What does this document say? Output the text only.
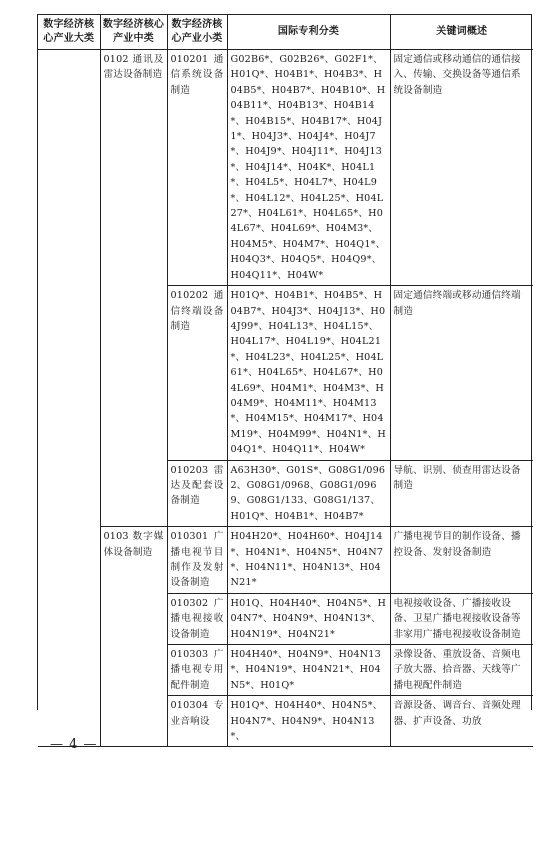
数字经济核心产业大类	数字经济核心产业中类	数字经济核心产业小类	国际专利分类	关键词概述
	0102 通讯及雷达设备制造	010201 通信系统设备制造	G02B6*、G02B26*、G02F1*、H01Q*、H04B1*、H04B3*、H04B5*、H04B7*、H04B10*、H04B11*、H04B13*、H04B14*、H04B15*、H04B17*、H04J1*、H04J3*、H04J4*、H04J7*、H04J9*、H04J11*、H04J13*、H04J14*、H04K*、H04L1*、H04L5*、H04L7*、H04L9*、H04L12*、H04L25*、H04L27*、H04L61*、H04L65*、H04L67*、H04L69*、H04M3*、H04M5*、H04M7*、H04Q1*、H04Q3*、H04Q5*、H04Q9*、H04Q11*、H04W*	固定通信或移动通信的通信接入、传输、交换设备等通信系统设备制造
		010202 通信终端设备制造	H01Q*、H04B1*、H04B5*、H04B7*、H04J3*、H04J13*、H04J99*、H04L13*、H04L15*、H04L17*、H04L19*、H04L21*、H04L23*、H04L25*、H04L61*、H04L65*、H04L67*、H04L69*、H04M1*、H04M3*、H04M9*、H04M11*、H04M13*、H04M15*、H04M17*、H04M19*、H04M99*、H04N1*、H04Q1*、H04Q11*、H04W*	固定通信终端或移动通信终端制造
		010203 雷达及配套设备制造	A63H30*、G01S*、G08G1/0962、G08G1/0968、G08G1/0969、G08G1/133、G08G1/137、H01Q*、H04B1*、H04B7*	导航、识别、侦查用雷达设备制造
	0103 数字媒体设备制造	010301 广播电视节目制作及发射设备制造	H04H20*、H04H60*、H04J14*、H04N1*、H04N5*、H04N7*、H04N11*、H04N13*、H04N21*	广播电视节目的制作设备、播控设备、发射设备制造
		010302 广播电视接收设备制造	H01Q、H04H40*、H04N5*、H04N7*、H04N9*、H04N13*、H04N19*、H04N21*	电视接收设备、广播接收设备、卫星广播电视接收设备等非家用广播电视接收设备制造
		010303 广播电视专用配件制造	H04H40*、H04N9*、H04N13*、H04N19*、H04N21*、H04N5*、H01Q*	录像设备、重放设备、音频电子放大器、拾音器、天线等广播电视配件制造
		010304 专业音响设	H01Q*、H04H40*、H04N5*、H04N7*、H04N9*、H04N13*、	音源设备、调音台、音频处理器、扩声设备、功放
— 4 —
